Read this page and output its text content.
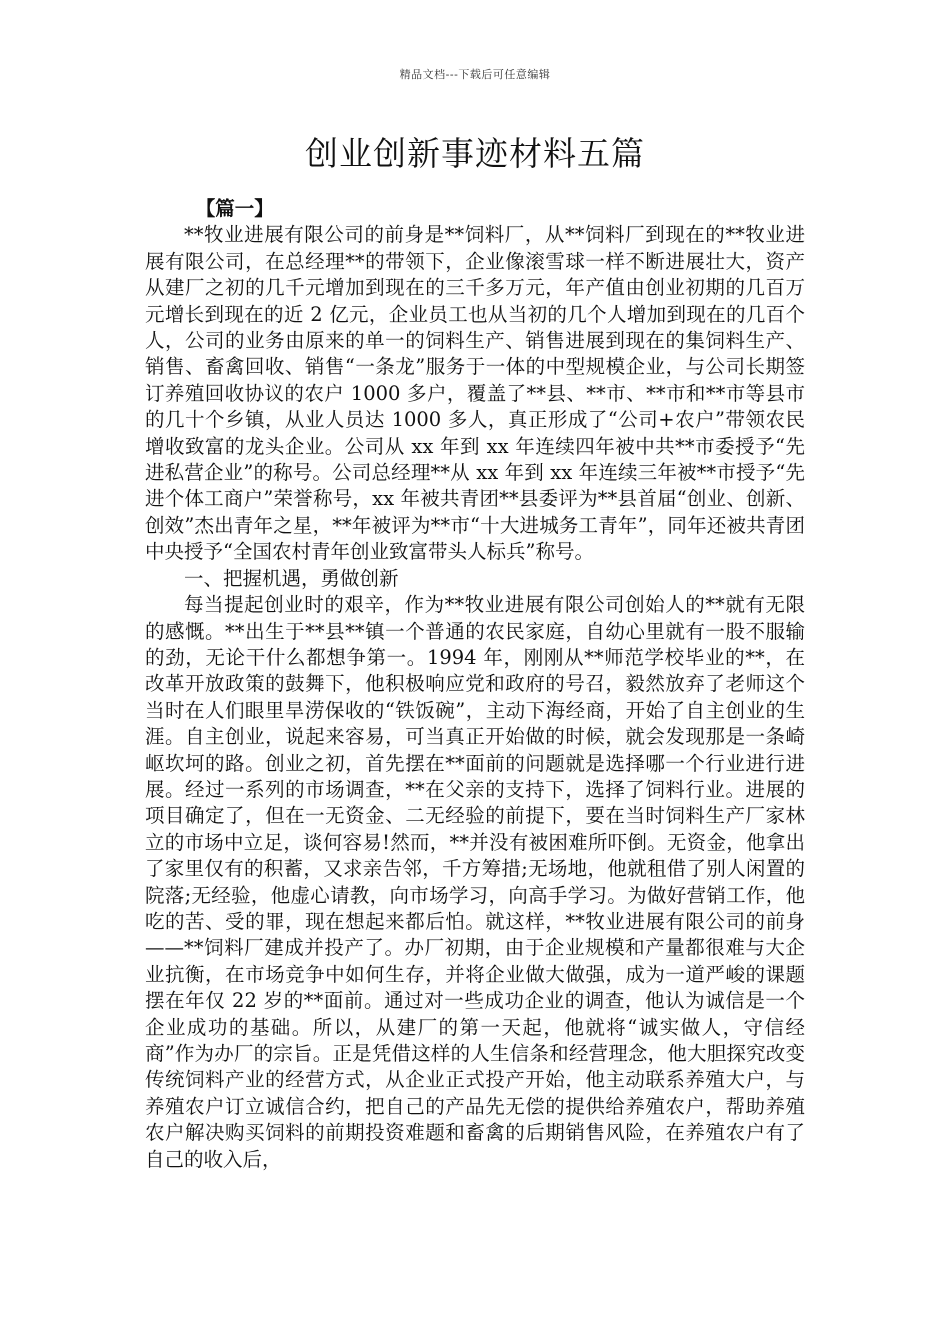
精品文档---下载后可任意编辑
创业创新事迹材料五篇

【篇一】

**牧业进展有限公司的前身是**饲料厂，从**饲料厂到现在的**牧业进展有限公司，在总经理**的带领下，企业像滚雪球一样不断进展壮大，资产从建厂之初的几千元增加到现在的三千多万元，年产值由创业初期的几百万元增长到现在的近 2 亿元，企业员工也从当初的几个人增加到现在的几百个人，公司的业务由原来的单一的饲料生产、销售进展到现在的集饲料生产、销售、畜禽回收、销售“一条龙”服务于一体的中型规模企业，与公司长期签订养殖回收协议的农户 1000 多户，覆盖了**县、**市、**市和**市等县市的几十个乡镇，从业人员达 1000 多人，真正形成了“公司+农户”带领农民增收致富的龙头企业。公司从 xx 年到 xx 年连续四年被中共**市委授予“先进私营企业”的称号。公司总经理**从 xx 年到 xx 年连续三年被**市授予“先进个体工商户”荣誉称号，xx 年被共青团**县委评为**县首届“创业、创新、创效”杰出青年之星，**年被评为**市“十大进城务工青年”，同年还被共青团中央授予“全国农村青年创业致富带头人标兵”称号。

一、把握机遇，勇做创新

每当提起创业时的艰辛，作为**牧业进展有限公司创始人的**就有无限的感慨。**出生于**县**镇一个普通的农民家庭，自幼心里就有一股不服输的劲，无论干什么都想争第一。1994 年，刚刚从**师范学校毕业的**，在改革开放政策的鼓舞下，他积极响应党和政府的号召，毅然放弃了老师这个当时在人们眼里旱涝保收的“铁饭碗”，主动下海经商，开始了自主创业的生涯。自主创业，说起来容易，可当真正开始做的时候，就会发现那是一条崎岖坎坷的路。创业之初，首先摆在**面前的问题就是选择哪一个行业进行进展。经过一系列的市场调查，**在父亲的支持下，选择了饲料行业。进展的项目确定了，但在一无资金、二无经验的前提下，要在当时饲料生产厂家林立的市场中立足，谈何容易!然而，**并没有被困难所吓倒。无资金，他拿出了家里仅有的积蓄，又求亲告邻，千方筹措;无场地，他就租借了别人闲置的院落;无经验，他虚心请教，向市场学习，向高手学习。为做好营销工作，他吃的苦、受的罪，现在想起来都后怕。就这样，**牧业进展有限公司的前身——**饲料厂建成并投产了。办厂初期，由于企业规模和产量都很难与大企业抗衡，在市场竞争中如何生存，并将企业做大做强，成为一道严峻的课题摆在年仅 22 岁的**面前。通过对一些成功企业的调查，他认为诚信是一个企业成功的基础。所以，从建厂的第一天起，他就将“诚实做人，守信经商”作为办厂的宗旨。正是凭借这样的人生信条和经营理念，他大胆探究改变传统饲料产业的经营方式，从企业正式投产开始，他主动联系养殖大户，与养殖农户订立诚信合约，把自己的产品先无偿的提供给养殖农户，帮助养殖农户解决购买饲料的前期投资难题和畜禽的后期销售风险，在养殖农户有了自己的收入后，
